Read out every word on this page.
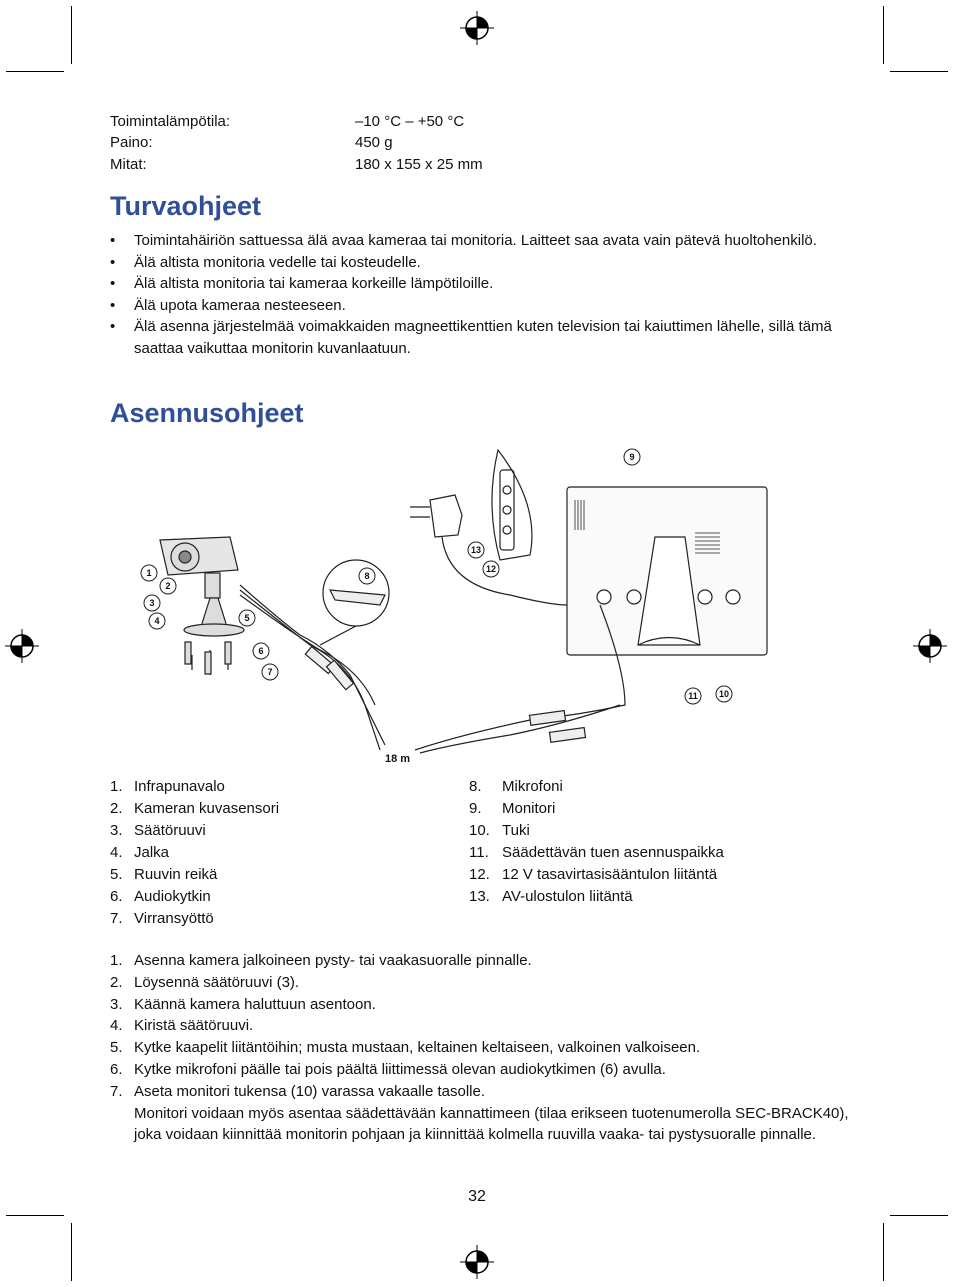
Toimintalämpötila:	–10 °C – +50 °C
Paino:	450 g
Mitat:	180 x 155 x 25 mm
Turvaohjeet
• Toimintahäiriön sattuessa älä avaa kameraa tai monitoria. Laitteet saa avata vain pätevä huoltohenkilö.
• Älä altista monitoria vedelle tai kosteudelle.
• Älä altista monitoria tai kameraa korkeille lämpötiloille.
• Älä upota kameraa nesteeseen.
• Älä asenna järjestelmää voimakkaiden magneettikenttien kuten television tai kaiuttimen lähelle, sillä tämä saattaa vaikuttaa monitorin kuvanlaatuun.
Asennusohjeet
1
2
3
4	5
6
7
8
9
10
11
12
13
18 m
1. Infrapunavalo
2. Kameran kuvasensori
3. Säätöruuvi
4. Jalka
5. Ruuvin reikä
6. Audiokytkin
7. Virransyöttö
8. Mikrofoni
9. Monitori
10. Tuki
11. Säädettävän tuen asennuspaikka
12. 12 V tasavirtasisääntulon liitäntä
13. AV-ulostulon liitäntä
1. Asenna kamera jalkoineen pysty- tai vaakasuoralle pinnalle.
2. Löysennä säätöruuvi (3).
3. Käännä kamera haluttuun asentoon.
4. Kiristä säätöruuvi.
5. Kytke kaapelit liitäntöihin; musta mustaan, keltainen keltaiseen, valkoinen valkoiseen.
6. Kytke mikrofoni päälle tai pois päältä liittimessä olevan audiokytkimen (6) avulla.
7. Aseta monitori tukensa (10) varassa vakaalle tasolle.
Monitori voidaan myös asentaa säädettävään kannattimeen (tilaa erikseen tuotenumerolla SEC-BRACK40), joka voidaan kiinnittää monitorin pohjaan ja kiinnittää kolmella ruuvilla vaaka- tai pystysuoralle pinnalle.
32
